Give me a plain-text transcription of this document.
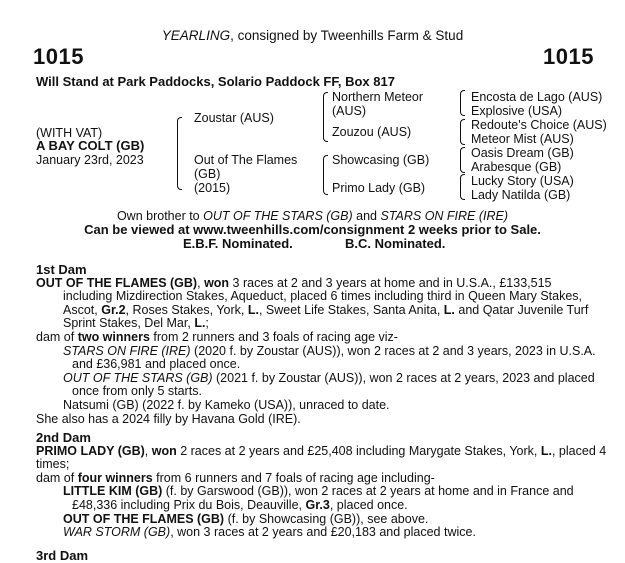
YEARLING, consigned by Tweenhills Farm & Stud
1015	1015
Will Stand at Park Paddocks, Solario Paddock FF, Box 817
(WITH VAT)
A BAY COLT (GB)
January 23rd, 2023
Zoustar (AUS)
Out of The Flames
(GB)
(2015)
Northern Meteor
(AUS)
Zouzou (AUS)
Showcasing (GB)
Primo Lady (GB)
Encosta de Lago (AUS)
Explosive (USA)
Redoute's Choice (AUS)
Meteor Mist (AUS)
Oasis Dream (GB)
Arabesque (GB)
Lucky Story (USA)
Lady Natilda (GB)
Own brother to OUT OF THE STARS (GB) and STARS ON FIRE (IRE)
Can be viewed at www.tweenhills.com/consignment 2 weeks prior to Sale.
E.B.F. Nominated.	B.C. Nominated.
1st Dam
OUT OF THE FLAMES (GB), won 3 races at 2 and 3 years at home and in U.S.A., £133,515
including Mizdirection Stakes, Aqueduct, placed 6 times including third in Queen Mary Stakes, Ascot, Gr.2, Roses Stakes, York, L., Sweet Life Stakes, Santa Anita, L. and Qatar Juvenile Turf Sprint Stakes, Del Mar, L.;
dam of two winners from 2 runners and 3 foals of racing age viz-
STARS ON FIRE (IRE) (2020 f. by Zoustar (AUS)), won 2 races at 2 and 3 years, 2023 in U.S.A. and £36,981 and placed once.
OUT OF THE STARS (GB) (2021 f. by Zoustar (AUS)), won 2 races at 2 years, 2023 and placed once from only 5 starts.
Natsumi (GB) (2022 f. by Kameko (USA)), unraced to date.
She also has a 2024 filly by Havana Gold (IRE).
2nd Dam
PRIMO LADY (GB), won 2 races at 2 years and £25,408 including Marygate Stakes, York, L., placed 4 times;
dam of four winners from 6 runners and 7 foals of racing age including-
LITTLE KIM (GB) (f. by Garswood (GB)), won 2 races at 2 years at home and in France and £48,336 including Prix du Bois, Deauville, Gr.3, placed once.
OUT OF THE FLAMES (GB) (f. by Showcasing (GB)), see above.
WAR STORM (GB), won 3 races at 2 years and £20,183 and placed twice.
3rd Dam
